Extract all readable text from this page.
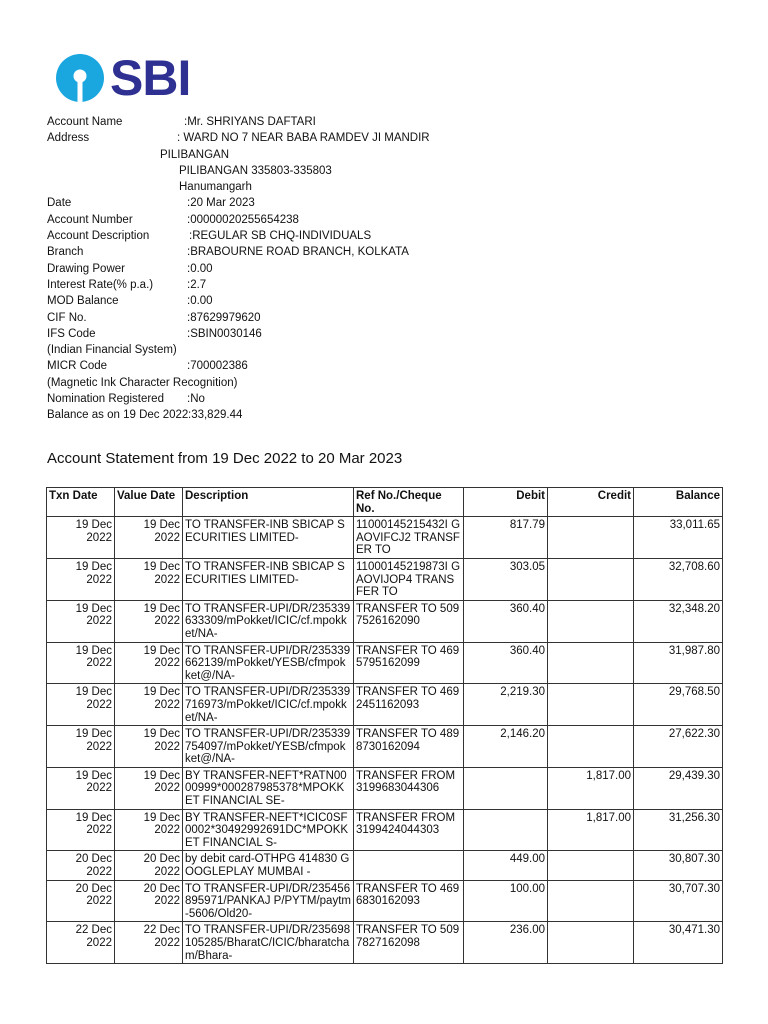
SBI
Account Name	:Mr. SHRIYANS DAFTARI
Address	: WARD NO 7 NEAR BABA RAMDEV JI MANDIR
PILIBANGAN
PILIBANGAN 335803-335803
Hanumangarh
Date	:20 Mar 2023
Account Number	:00000020255654238
Account Description	:REGULAR SB CHQ-INDIVIDUALS
Branch	:BRABOURNE ROAD BRANCH, KOLKATA
Drawing Power	:0.00
Interest Rate(% p.a.)	:2.7
MOD Balance	:0.00
CIF No.	:87629979620
IFS Code	:SBIN0030146
(Indian Financial System)
MICR Code	:700002386
(Magnetic Ink Character Recognition)
Nomination Registered :No
Balance as on 19 Dec 2022 :33,829.44
Account Statement from 19 Dec 2022 to 20 Mar 2023
Txn Date	Value Date	Description	Ref No./Cheque No.	Debit	Credit	Balance

19 Dec 2022	19 Dec 2022	TO TRANSFER-INB SBICAP SECURITIES LIMITED-	11000145215432I GAOVIFCJ2 TRANSFER TO	817.79		33,011.65

19 Dec 2022	19 Dec 2022	TO TRANSFER-INB SBICAP SECURITIES LIMITED-	11000145219873I GAOVIJOP4 TRANSFER TO	303.05		32,708.60

19 Dec 2022	19 Dec 2022	TO TRANSFER-UPI/DR/235339633309/mPokket/ICIC/cf.mpokket/NA-	TRANSFER TO 5097526162090	360.40		32,348.20

19 Dec 2022	19 Dec 2022	TO TRANSFER-UPI/DR/235339662139/mPokket/YESB/cfmpokket@/NA-	TRANSFER TO 4695795162099	360.40		31,987.80

19 Dec 2022	19 Dec 2022	TO TRANSFER-UPI/DR/235339716973/mPokket/ICIC/cf.mpokket/NA-	TRANSFER TO 4692451162093	2,219.30		29,768.50

19 Dec 2022	19 Dec 2022	TO TRANSFER-UPI/DR/235339754097/mPokket/YESB/cfmpokket@/NA-	TRANSFER TO 4898730162094	2,146.20		27,622.30

19 Dec 2022	19 Dec 2022	BY TRANSFER-NEFT*RATN0000999*000287985378*MPOKKET FINANCIAL SE-	TRANSFER FROM 3199683044306		1,817.00	29,439.30

19 Dec 2022	19 Dec 2022	BY TRANSFER-NEFT*ICIC0SF0002*30492992691DC*MPOKKET FINANCIAL S-	TRANSFER FROM 3199424044303		1,817.00	31,256.30

20 Dec 2022	20 Dec 2022	by debit card-OTHPG 414830 GOOGLEPLAY MUMBAI -		449.00		30,807.30

20 Dec 2022	20 Dec 2022	TO TRANSFER-UPI/DR/235456895971/PANKAJ P/PYTM/paytm-5606/Old20-	TRANSFER TO 4696830162093	100.00		30,707.30

22 Dec 2022	22 Dec 2022	TO TRANSFER-UPI/DR/235698105285/BharatC/ICIC/bharatcham/Bhara-	TRANSFER TO 5097827162098	236.00		30,471.30
